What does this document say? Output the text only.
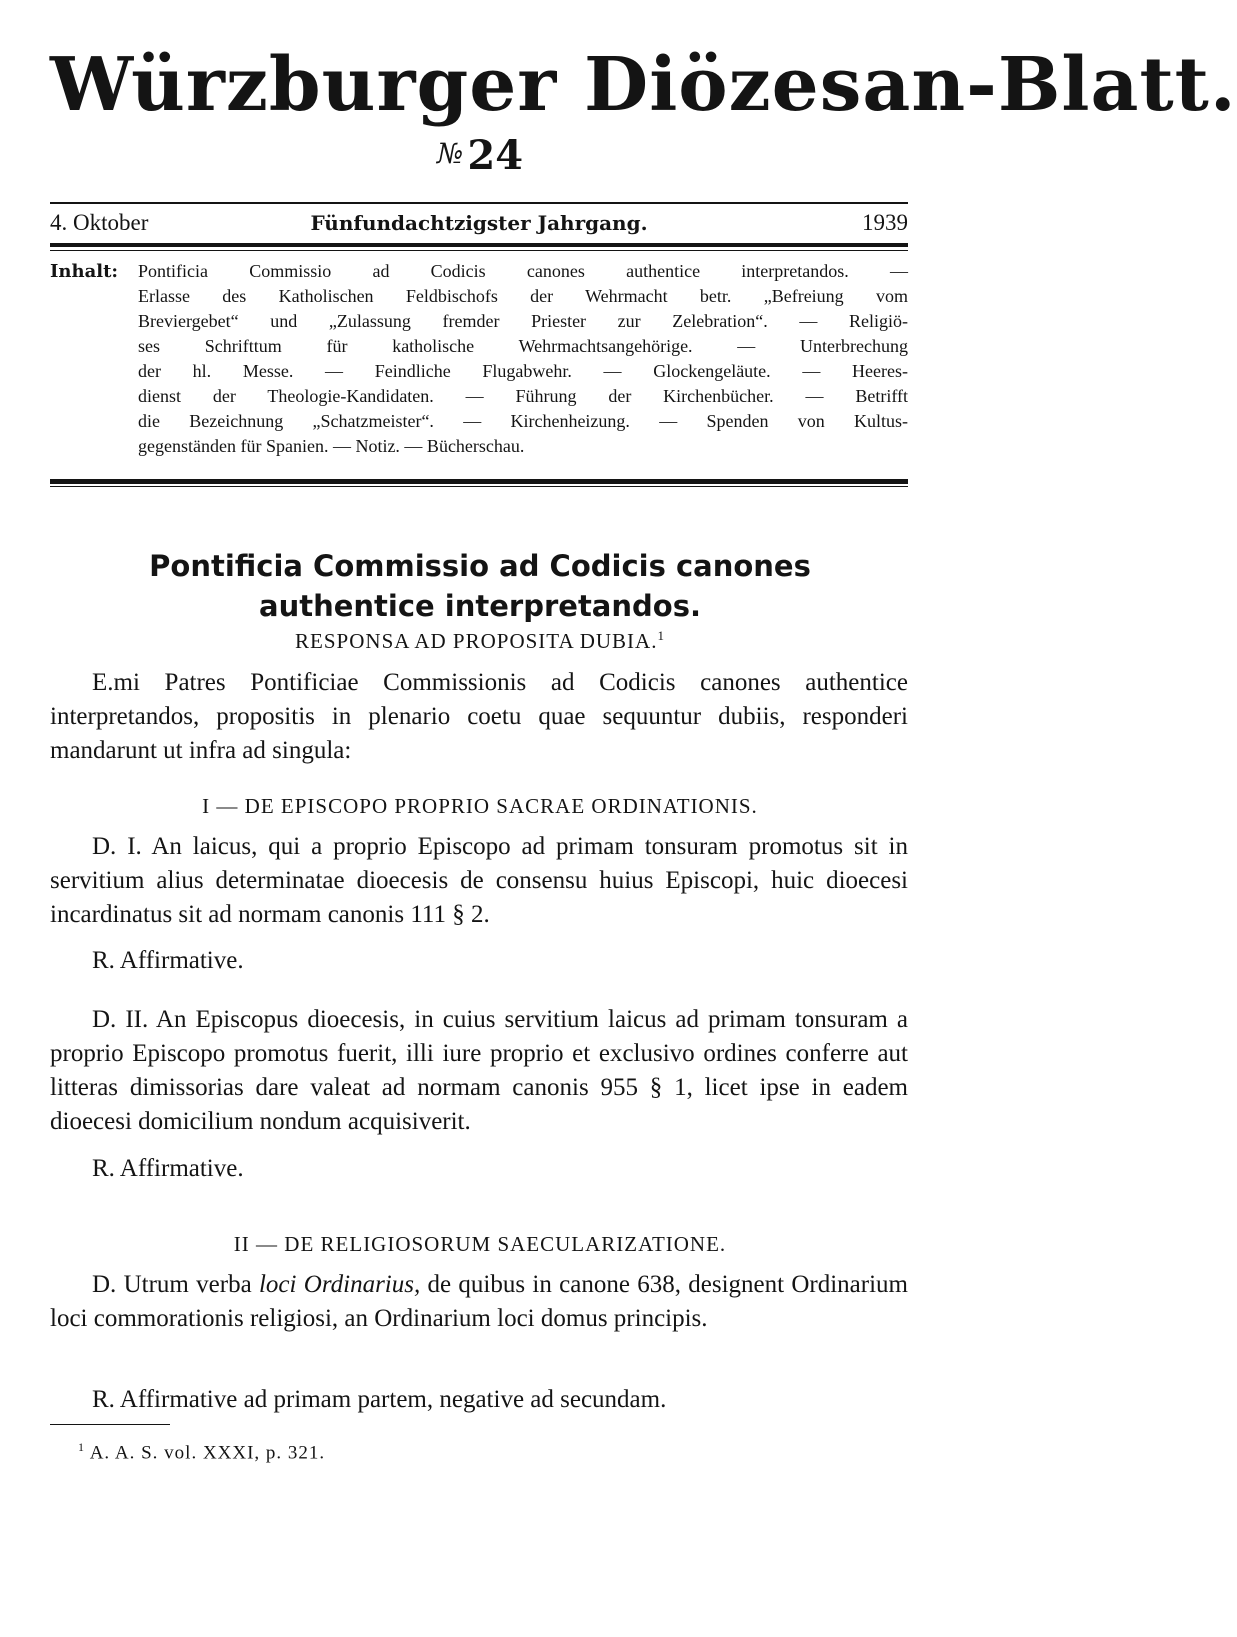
Würzburger Diözesan-Blatt.
№ 24
4. Oktober	Fünfundachtzigster Jahrgang.	1939
Inhalt:	Pontificia Commissio ad Codicis canones authentice interpretandos. —
Erlasse des Katholischen Feldbischofs der Wehrmacht betr. „Befreiung vom
Breviergebet“ und „Zulassung fremder Priester zur Zelebration“. — Religiö-
ses Schrifttum für katholische Wehrmachtsangehörige. — Unterbrechung
der hl. Messe. — Feindliche Flugabwehr. — Glockengeläute. — Heeres-
dienst der Theologie-Kandidaten. — Führung der Kirchenbücher. — Betrifft
die Bezeichnung „Schatzmeister“. — Kirchenheizung. — Spenden von Kultus-
gegenständen für Spanien. — Notiz. — Bücherschau.
Pontificia Commissio ad Codicis canones
authentice interpretandos.
RESPONSA AD PROPOSITA DUBIA.$^1$

E.mi Patres Pontificiae Commissionis ad Codicis canones authentice interpretandos, propositis in plenario coetu quae sequuntur dubiis, responderi mandarunt ut infra ad singula:

I — DE EPISCOPO PROPRIO SACRAE ORDINATIONIS.

D. I. An laicus, qui a proprio Episcopo ad primam tonsuram promotus sit in servitium alius determinatae dioecesis de consensu huius Episcopi, huic dioecesi incardinatus sit ad normam canonis 111 § 2.

R. Affirmative.

D. II. An Episcopus dioecesis, in cuius servitium laicus ad primam tonsuram a proprio Episcopo promotus fuerit, illi iure proprio et exclusivo ordines conferre aut litteras dimissorias dare valeat ad normam canonis 955 § 1, licet ipse in eadem dioecesi domicilium nondum acquisiverit.

R. Affirmative.

II — DE RELIGIOSORUM SAECULARIZATIONE.

D. Utrum verba loci Ordinarius, de quibus in canone 638, designent Ordinarium loci commorationis religiosi, an Ordinarium loci domus principis.

R. Affirmative ad primam partem, negative ad secundam.

$^1$ A. A. S. vol. XXXI, p. 321.
